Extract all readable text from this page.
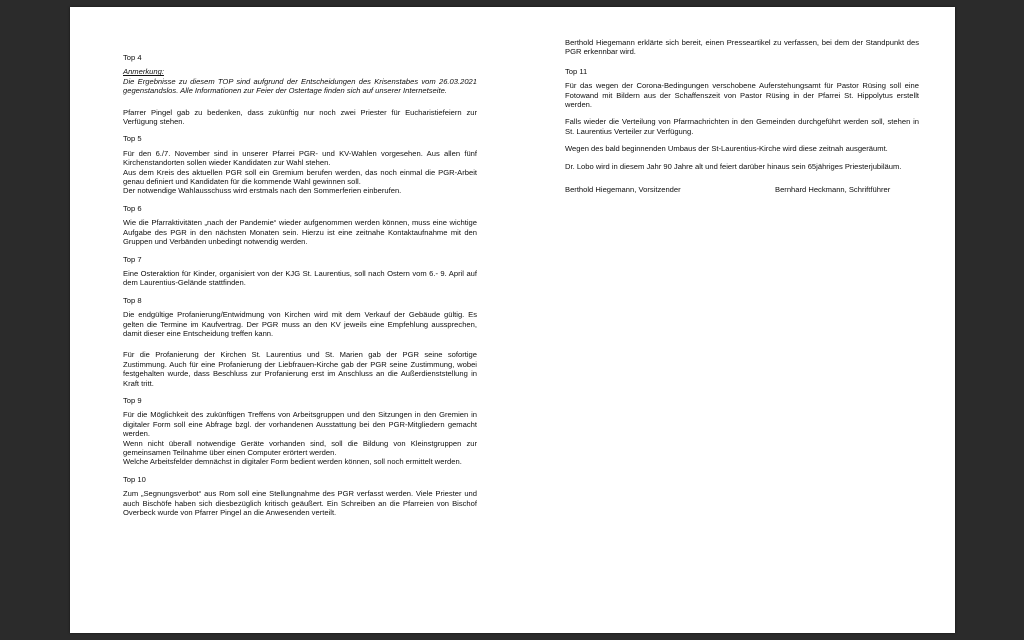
Top 4

Anmerkung:

Die Ergebnisse zu diesem TOP sind aufgrund der Entscheidungen des Krisenstabes vom 26.03.2021 gegenstandslos. Alle Informationen zur Feier der Ostertage finden sich auf unserer Internetseite.

Pfarrer Pingel gab zu bedenken, dass zukünftig nur noch zwei Priester für Eucharistiefeiern zur Verfügung stehen.

Top 5

Für den 6./7. November sind in unserer Pfarrei PGR- und KV-Wahlen vorgesehen. Aus allen fünf Kirchenstandorten sollen wieder Kandidaten zur Wahl stehen.

Aus dem Kreis des aktuellen PGR soll ein Gremium berufen werden, das noch einmal die PGR-Arbeit genau definiert und Kandidaten für die kommende Wahl gewinnen soll.

Der notwendige Wahlausschuss wird erstmals nach den Sommerferien einberufen.

Top 6

Wie die Pfarraktivitäten „nach der Pandemie“ wieder aufgenommen werden können, muss eine wichtige Aufgabe des PGR in den nächsten Monaten sein. Hierzu ist eine zeitnahe Kontaktaufnahme mit den Gruppen und Verbänden unbedingt notwendig werden.

Top 7

Eine Osteraktion für Kinder, organisiert von der KJG St. Laurentius, soll nach Ostern vom 6.- 9. April auf dem Laurentius-Gelände stattfinden.

Top 8

Die endgültige Profanierung/Entwidmung von Kirchen wird mit dem Verkauf der Gebäude gültig. Es gelten die Termine im Kaufvertrag. Der PGR muss an den KV jeweils eine Empfehlung aussprechen, damit dieser eine Entscheidung treffen kann.

Für die Profanierung der Kirchen St. Laurentius und St. Marien gab der PGR seine sofortige Zustimmung. Auch für eine Profanierung der Liebfrauen-Kirche gab der PGR seine Zustimmung, wobei festgehalten wurde, dass Beschluss zur Profanierung erst im Anschluss an die Außerdienststellung in Kraft tritt.

Top 9

Für die Möglichkeit des zukünftigen Treffens von Arbeitsgruppen und den Sitzungen in den Gremien in digitaler Form soll eine Abfrage bzgl. der vorhandenen Ausstattung bei den PGR-Mitgliedern gemacht werden.

Wenn nicht überall notwendige Geräte vorhanden sind, soll die Bildung von Kleinstgruppen zur gemeinsamen Teilnahme über einen Computer erörtert werden.

Welche Arbeitsfelder demnächst in digitaler Form bedient werden können, soll noch ermittelt werden.

Top 10

Zum „Segnungsverbot“ aus Rom soll eine Stellungnahme des PGR verfasst werden. Viele Priester und auch Bischöfe haben sich diesbezüglich kritisch geäußert. Ein Schreiben an die Pfarreien von Bischof Overbeck wurde von Pfarrer Pingel an die Anwesenden verteilt.

Berthold Hiegemann erklärte sich bereit, einen Presseartikel zu verfassen, bei dem der Standpunkt des PGR erkennbar wird.

Top 11

Für das wegen der Corona-Bedingungen verschobene Auferstehungsamt für Pastor Rüsing soll eine Fotowand mit Bildern aus der Schaffenszeit von Pastor Rüsing in der Pfarrei St. Hippolytus erstellt werden.

Falls wieder die Verteilung von Pfarrnachrichten in den Gemeinden durchgeführt werden soll, stehen in St. Laurentius Verteiler zur Verfügung.

Wegen des bald beginnenden Umbaus der St-Laurentius-Kirche wird diese zeitnah ausgeräumt.

Dr. Lobo wird in diesem Jahr 90 Jahre alt und feiert darüber hinaus sein 65jähriges Priesterjubiläum.

Berthold Hiegemann, Vorsitzender	Bernhard Heckmann, Schriftführer
